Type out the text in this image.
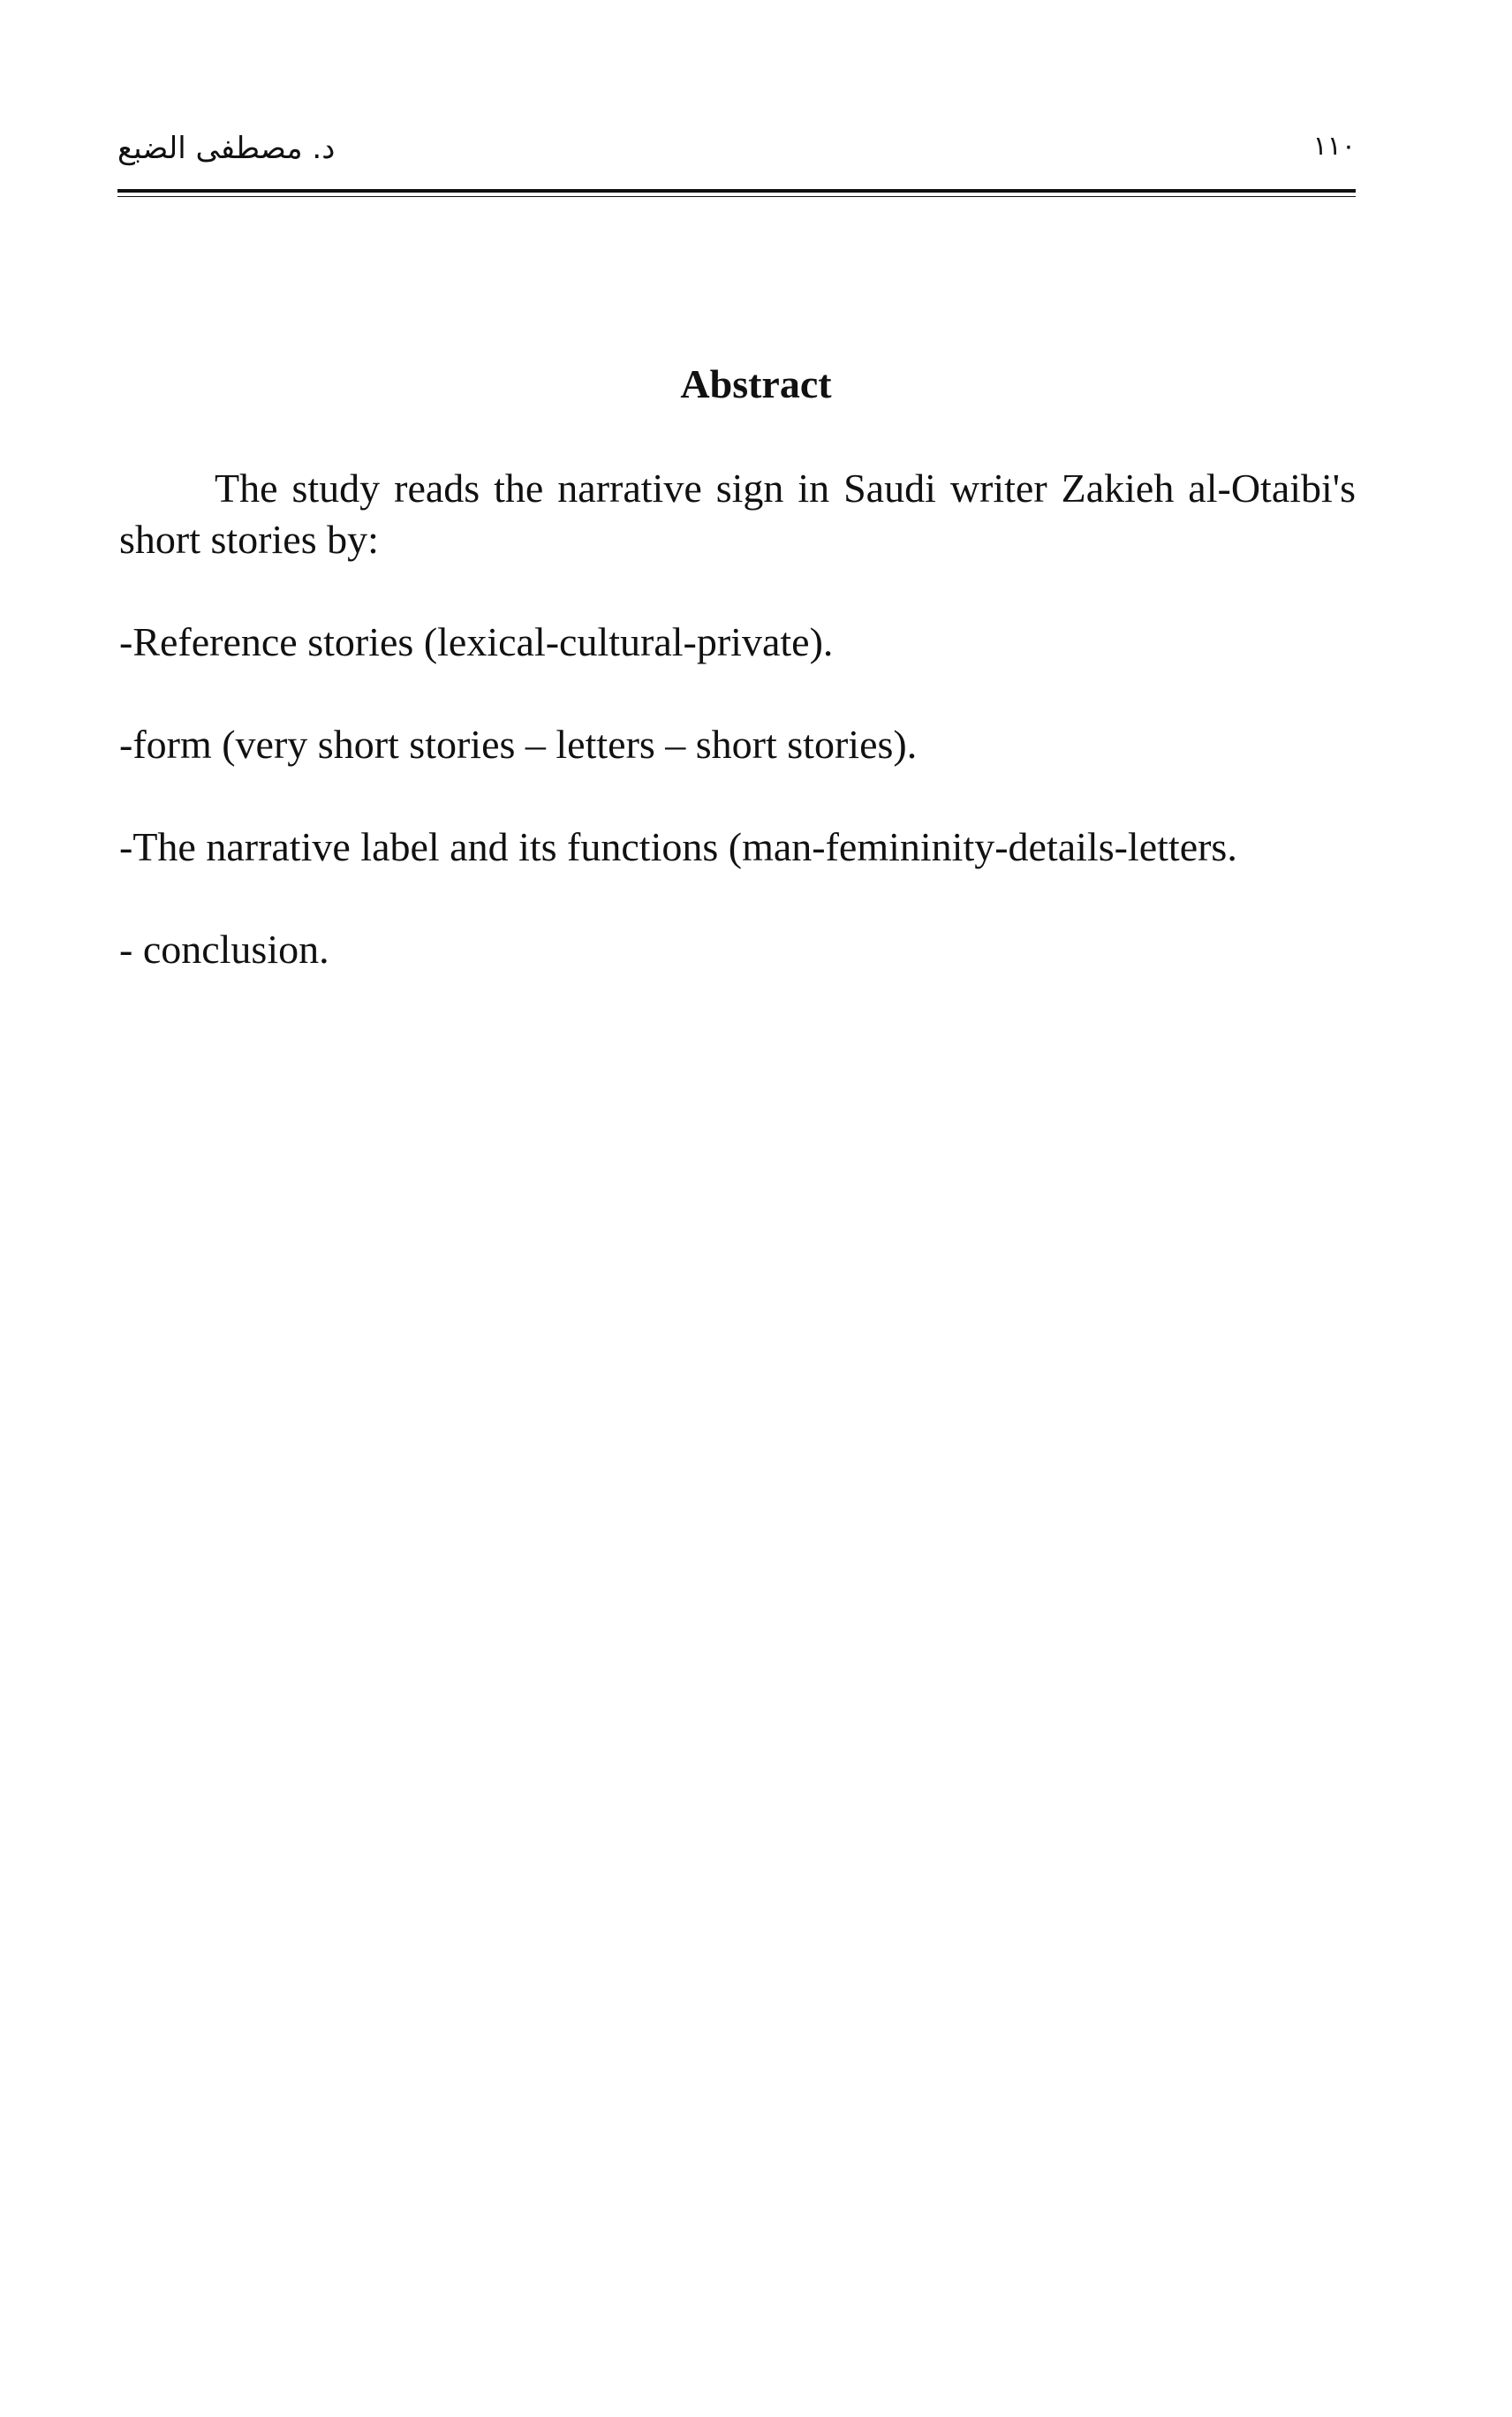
د. مصطفى الضبع	١١٠
Abstract

The study reads the narrative sign in Saudi writer Zakieh al-Otaibi's short stories by:

-Reference stories (lexical-cultural-private).

-form (very short stories – letters – short stories).

-The narrative label and its functions (man-femininity-details-letters.

- conclusion.
